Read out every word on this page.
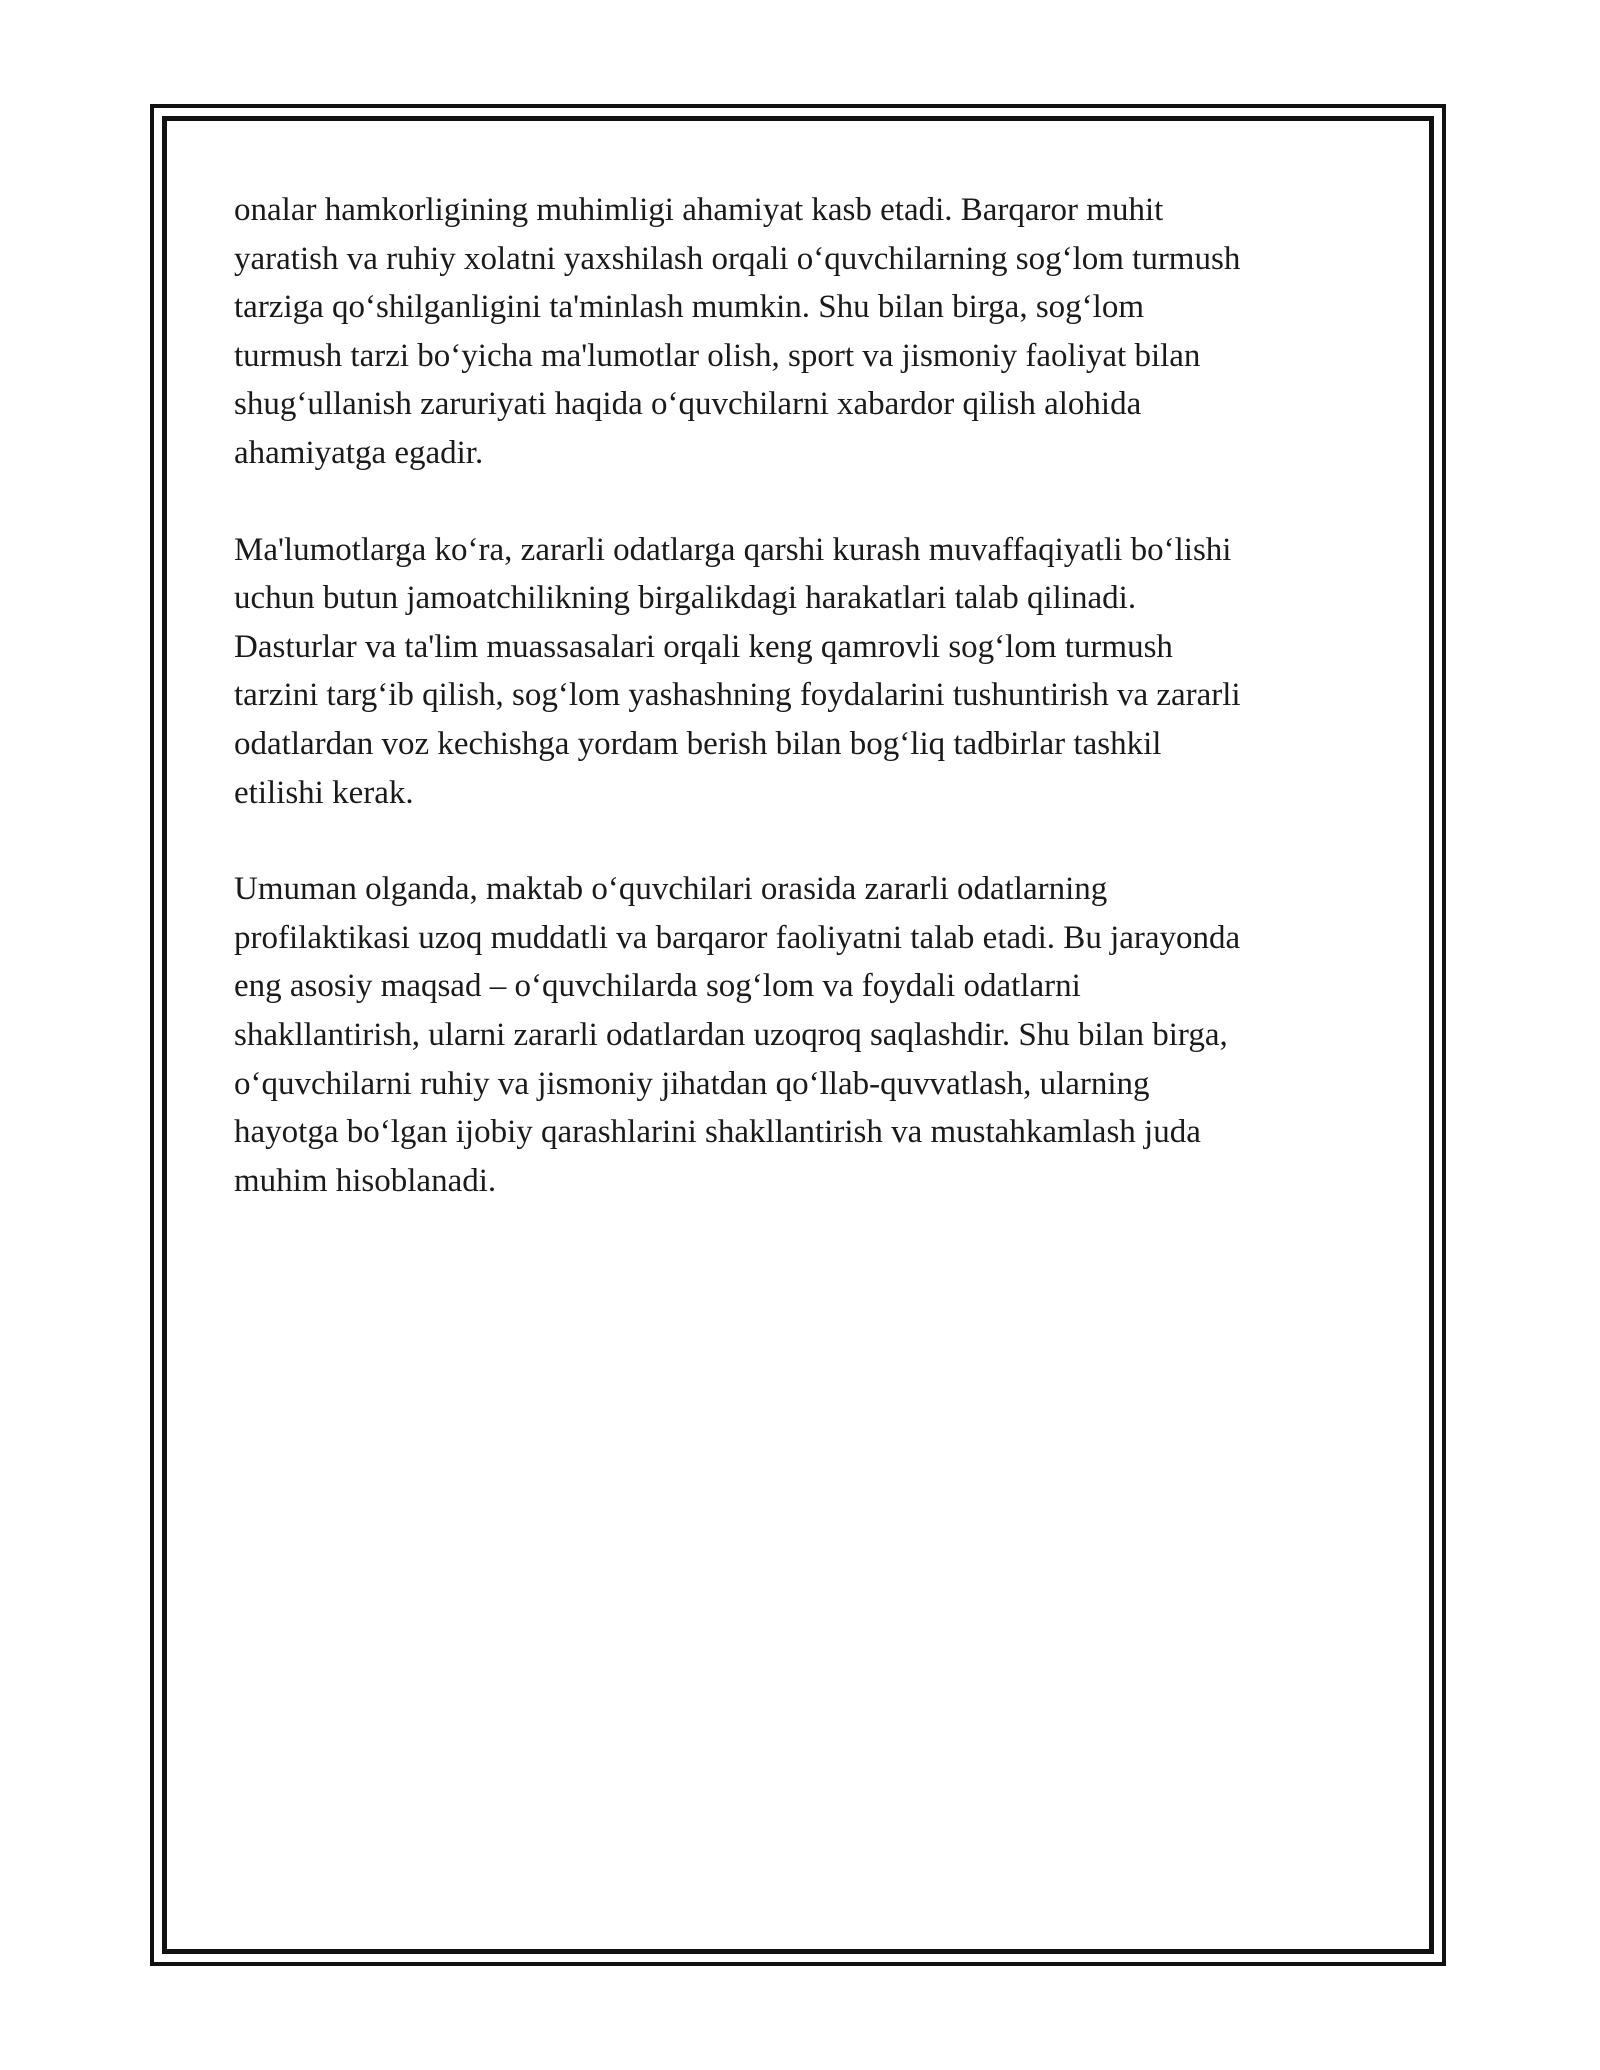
onalar hamkorligining muhimligi ahamiyat kasb etadi. Barqaror muhit
yaratish va ruhiy xolatni yaxshilash orqali o‘quvchilarning sog‘lom turmush
tarziga qo‘shilganligini ta'minlash mumkin. Shu bilan birga, sog‘lom
turmush tarzi bo‘yicha ma'lumotlar olish, sport va jismoniy faoliyat bilan
shug‘ullanish zaruriyati haqida o‘quvchilarni xabardor qilish alohida
ahamiyatga egadir.

Ma'lumotlarga ko‘ra, zararli odatlarga qarshi kurash muvaffaqiyatli bo‘lishi
uchun butun jamoatchilikning birgalikdagi harakatlari talab qilinadi.
Dasturlar va ta'lim muassasalari orqali keng qamrovli sog‘lom turmush
tarzini targ‘ib qilish, sog‘lom yashashning foydalarini tushuntirish va zararli
odatlardan voz kechishga yordam berish bilan bog‘liq tadbirlar tashkil
etilishi kerak.

Umuman olganda, maktab o‘quvchilari orasida zararli odatlarning
profilaktikasi uzoq muddatli va barqaror faoliyatni talab etadi. Bu jarayonda
eng asosiy maqsad – o‘quvchilarda sog‘lom va foydali odatlarni
shakllantirish, ularni zararli odatlardan uzoqroq saqlashdir. Shu bilan birga,
o‘quvchilarni ruhiy va jismoniy jihatdan qo‘llab-quvvatlash, ularning
hayotga bo‘lgan ijobiy qarashlarini shakllantirish va mustahkamlash juda
muhim hisoblanadi.
